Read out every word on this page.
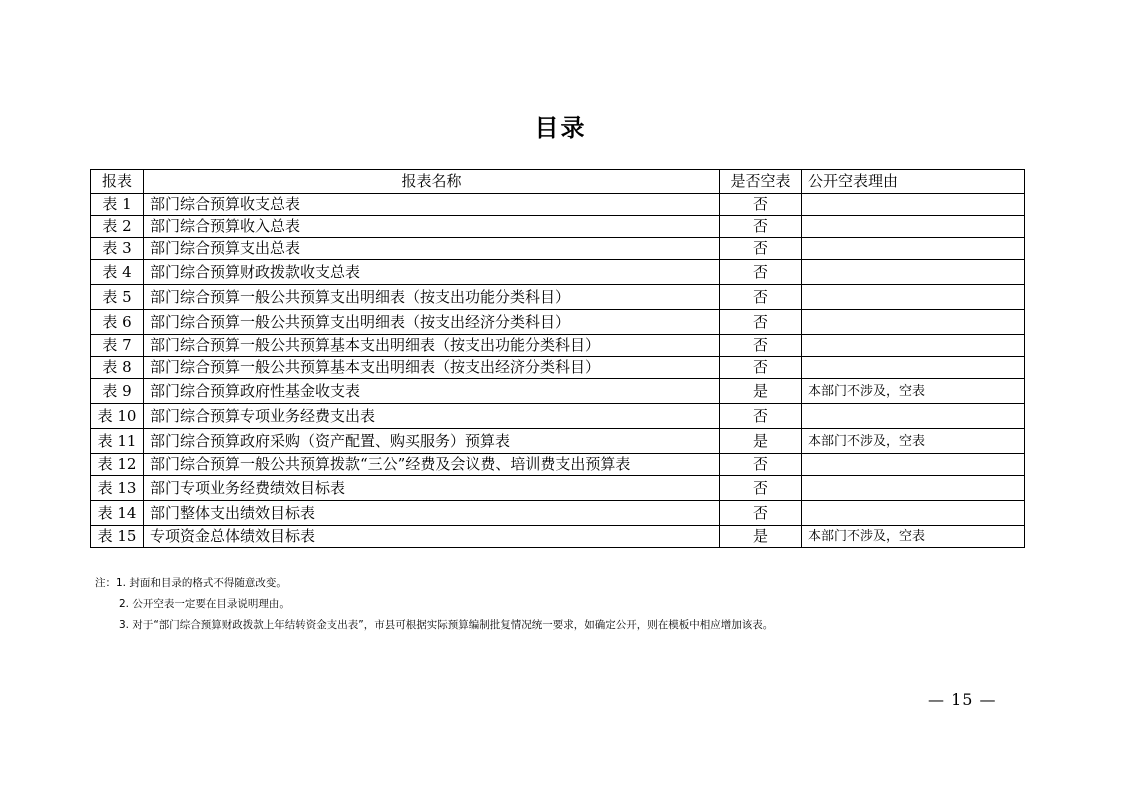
目录
报表	报表名称	是否空表	公开空表理由
表 1	部门综合预算收支总表	否	
表 2	部门综合预算收入总表	否	
表 3	部门综合预算支出总表	否	
表 4	部门综合预算财政拨款收支总表	否	
表 5	部门综合预算一般公共预算支出明细表（按支出功能分类科目）	否	
表 6	部门综合预算一般公共预算支出明细表（按支出经济分类科目）	否	
表 7	部门综合预算一般公共预算基本支出明细表（按支出功能分类科目）	否	
表 8	部门综合预算一般公共预算基本支出明细表（按支出经济分类科目）	否	
表 9	部门综合预算政府性基金收支表	是	本部门不涉及，空表
表 10	部门综合预算专项业务经费支出表	否	
表 11	部门综合预算政府采购（资产配置、购买服务）预算表	是	本部门不涉及，空表
表 12	部门综合预算一般公共预算拨款“三公”经费及会议费、培训费支出预算表	否	
表 13	部门专项业务经费绩效目标表	否	
表 14	部门整体支出绩效目标表	否	
表 15	专项资金总体绩效目标表	是	本部门不涉及，空表
注：1. 封面和目录的格式不得随意改变。
2. 公开空表一定要在目录说明理由。
3. 对于“部门综合预算财政拨款上年结转资金支出表”，市县可根据实际预算编制批复情况统一要求，如确定公开，则在模板中相应增加该表。
— 15 —
